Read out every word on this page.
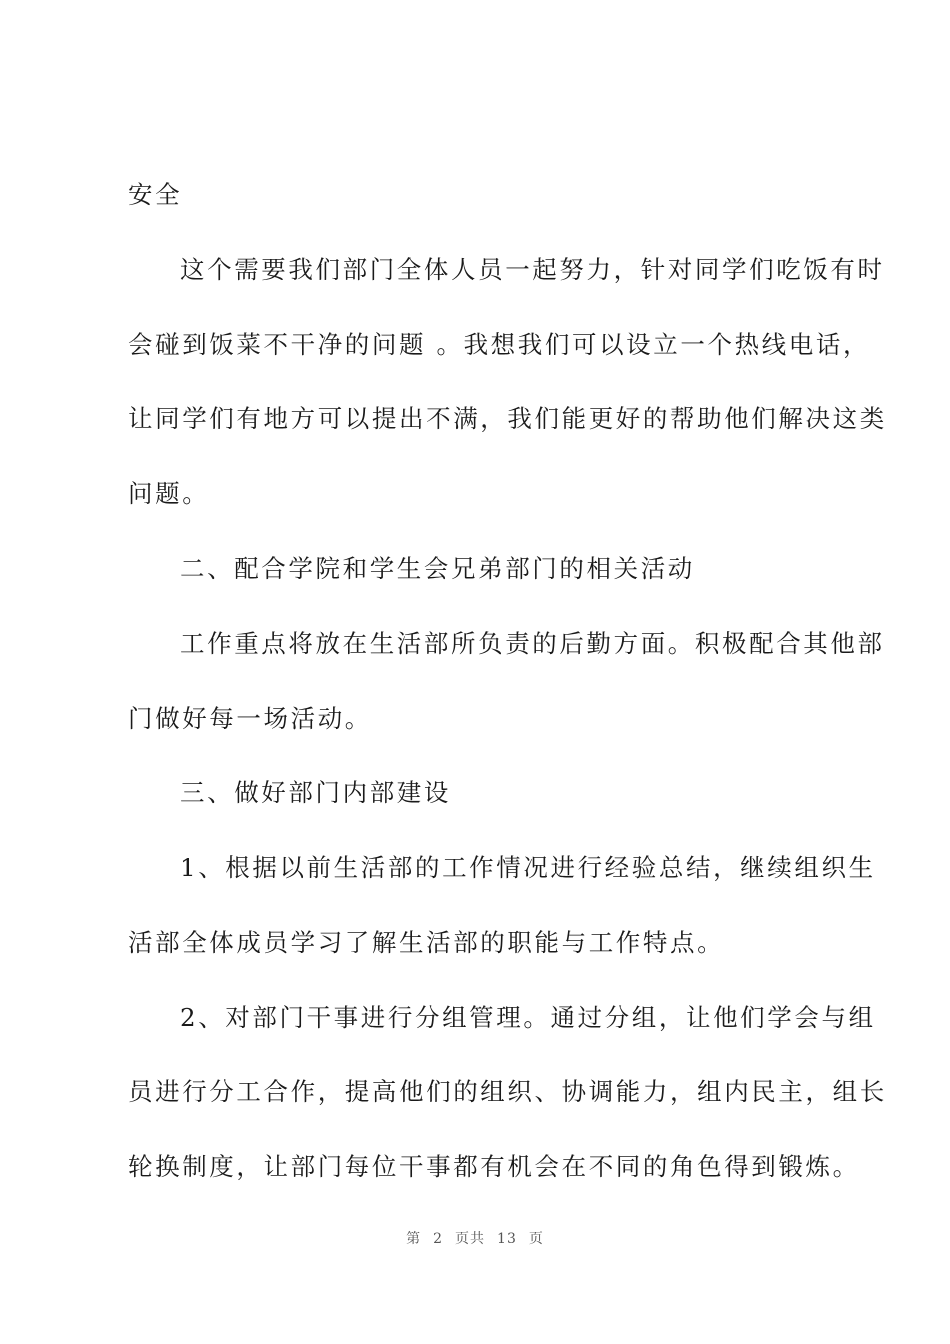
安全
这个需要我们部门全体人员一起努力，针对同学们吃饭有时
会碰到饭菜不干净的问题 。我想我们可以设立一个热线电话，
让同学们有地方可以提出不满，我们能更好的帮助他们解决这类
问题。
二、配合学院和学生会兄弟部门的相关活动
工作重点将放在生活部所负责的后勤方面。积极配合其他部
门做好每一场活动。
三、做好部门内部建设
1、根据以前生活部的工作情况进行经验总结，继续组织生
活部全体成员学习了解生活部的职能与工作特点。
2、对部门干事进行分组管理。通过分组，让他们学会与组
员进行分工合作，提高他们的组织、协调能力，组内民主，组长
轮换制度，让部门每位干事都有机会在不同的角色得到锻炼。
第 2 页共 13 页
